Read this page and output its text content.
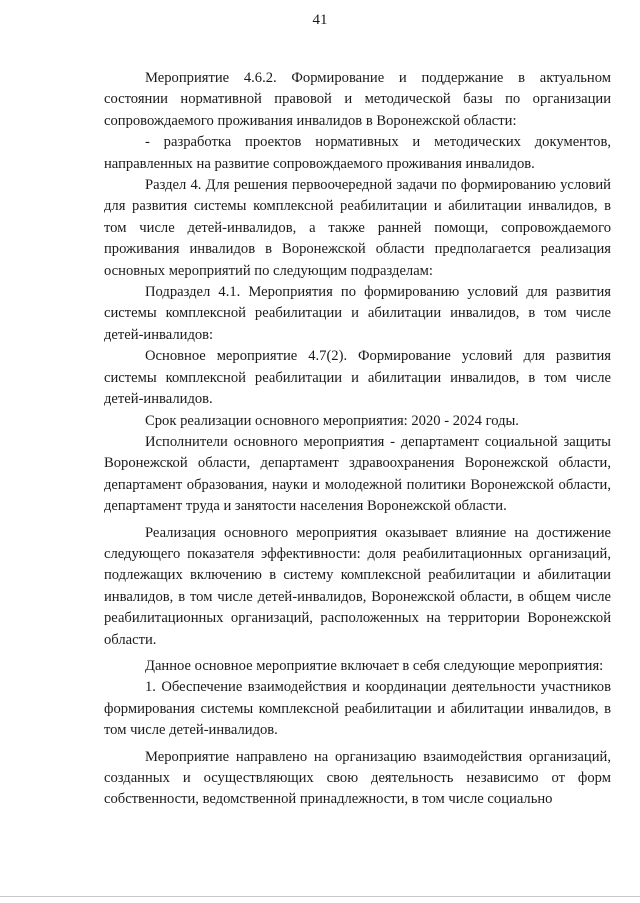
41

Мероприятие 4.6.2. Формирование и поддержание в актуальном состоянии нормативной правовой и методической базы по организации сопровождаемого проживания инвалидов в Воронежской области:

- разработка проектов нормативных и методических документов, направленных на развитие сопровождаемого проживания инвалидов.

Раздел 4. Для решения первоочередной задачи по формированию условий для развития системы комплексной реабилитации и абилитации инвалидов, в том числе детей-инвалидов, а также ранней помощи, сопровождаемого проживания инвалидов в Воронежской области предполагается реализация основных мероприятий по следующим подразделам:

Подраздел 4.1. Мероприятия по формированию условий для развития системы комплексной реабилитации и абилитации инвалидов, в том числе детей-инвалидов:

Основное мероприятие 4.7(2). Формирование условий для развития системы комплексной реабилитации и абилитации инвалидов, в том числе детей-инвалидов.

Срок реализации основного мероприятия: 2020 - 2024 годы.

Исполнители основного мероприятия - департамент социальной защиты Воронежской области, департамент здравоохранения Воронежской области, департамент образования, науки и молодежной политики Воронежской области, департамент труда и занятости населения Воронежской области.

Реализация основного мероприятия оказывает влияние на достижение следующего показателя эффективности: доля реабилитационных организаций, подлежащих включению в систему комплексной реабилитации и абилитации инвалидов, в том числе детей-инвалидов, Воронежской области, в общем числе реабилитационных организаций, расположенных на территории Воронежской области.

Данное основное мероприятие включает в себя следующие мероприятия:

1. Обеспечение взаимодействия и координации деятельности участников формирования системы комплексной реабилитации и абилитации инвалидов, в том числе детей-инвалидов.

Мероприятие направлено на организацию взаимодействия организаций, созданных и осуществляющих свою деятельность независимо от форм собственности, ведомственной принадлежности, в том числе социально
